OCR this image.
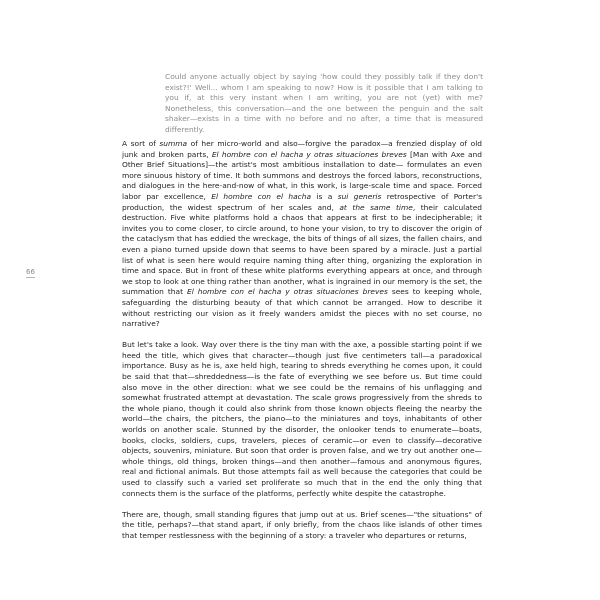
66

Could anyone actually object by saying 'how could they possibly talk if they don't exist?!' Well... whom I am speaking to now? How is it possible that I am talking to you if, at this very instant when I am writing, you are not (yet) with me? Nonetheless, this conversation—and the one between the penguin and the salt shaker—exists in a time with no before and no after, a time that is measured differently.

A sort of summa of her micro-world and also—forgive the paradox—a frenzied display of old junk and broken parts, El hombre con el hacha y otras situaciones breves [Man with Axe and Other Brief Situations]—the artist's most ambitious installation to date— formulates an even more sinuous history of time. It both summons and destroys the forced labors, reconstructions, and dialogues in the here-and-now of what, in this work, is large-scale time and space. Forced labor par excellence, El hombre con el hacha is a sui generis retrospective of Porter's production, the widest spectrum of her scales and, at the same time, their calculated destruction. Five white platforms hold a chaos that appears at first to be indecipherable; it invites you to come closer, to circle around, to hone your vision, to try to discover the origin of the cataclysm that has eddied the wreckage, the bits of things of all sizes, the fallen chairs, and even a piano turned upside down that seems to have been spared by a miracle. Just a partial list of what is seen here would require naming thing after thing, organizing the exploration in time and space. But in front of these white platforms everything appears at once, and through we stop to look at one thing rather than another, what is ingrained in our memory is the set, the summation that El hombre con el hacha y otras situaciones breves sees to keeping whole, safeguarding the disturbing beauty of that which cannot be arranged. How to describe it without restricting our vision as it freely wanders amidst the pieces with no set course, no narrative?

But let's take a look. Way over there is the tiny man with the axe, a possible starting point if we heed the title, which gives that character—though just five centimeters tall—a paradoxical importance. Busy as he is, axe held high, tearing to shreds everything he comes upon, it could be said that that—shreddedness—is the fate of everything we see before us. But time could also move in the other direction: what we see could be the remains of his unflagging and somewhat frustrated attempt at devastation. The scale grows progressively from the shreds to the whole piano, though it could also shrink from those known objects fleeing the nearby the world—the chairs, the pitchers, the piano—to the miniatures and toys, inhabitants of other worlds on another scale. Stunned by the disorder, the onlooker tends to enumerate—boats, books, clocks, soldiers, cups, travelers, pieces of ceramic—or even to classify—decorative objects, souvenirs, miniature. But soon that order is proven false, and we try out another one—whole things, old things, broken things—and then another—famous and anonymous figures, real and fictional animals. But those attempts fail as well because the categories that could be used to classify such a varied set proliferate so much that in the end the only thing that connects them is the surface of the platforms, perfectly white despite the catastrophe.

There are, though, small standing figures that jump out at us. Brief scenes—"the situations" of the title, perhaps?—that stand apart, if only briefly, from the chaos like islands of other times that temper restlessness with the beginning of a story: a traveler who departures or returns,
